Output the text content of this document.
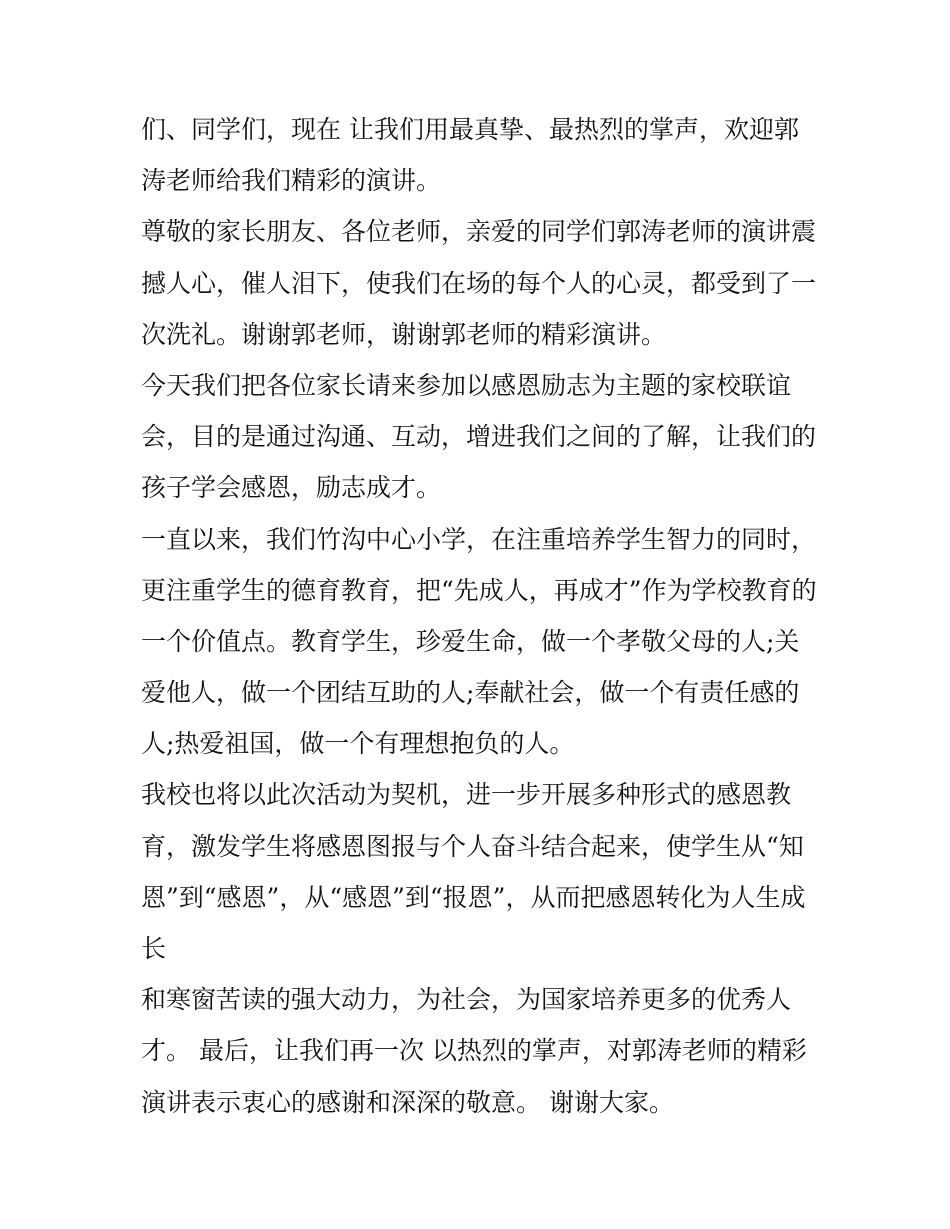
们、同学们，现在 让我们用最真挚、最热烈的掌声，欢迎郭
涛老师给我们精彩的演讲。
尊敬的家长朋友、各位老师，亲爱的同学们郭涛老师的演讲震
撼人心，催人泪下，使我们在场的每个人的心灵，都受到了一
次洗礼。谢谢郭老师，谢谢郭老师的精彩演讲。
今天我们把各位家长请来参加以感恩励志为主题的家校联谊
会，目的是通过沟通、互动，增进我们之间的了解，让我们的
孩子学会感恩，励志成才。
一直以来，我们竹沟中心小学，在注重培养学生智力的同时，
更注重学生的德育教育，把“先成人，再成才”作为学校教育的
一个价值点。教育学生，珍爱生命，做一个孝敬父母的人;关
爱他人，做一个团结互助的人;奉献社会，做一个有责任感的
人;热爱祖国，做一个有理想抱负的人。
我校也将以此次活动为契机，进一步开展多种形式的感恩教
育，激发学生将感恩图报与个人奋斗结合起来，使学生从“知
恩”到“感恩”，从“感恩”到“报恩”，从而把感恩转化为人生成
长
和寒窗苦读的强大动力，为社会，为国家培养更多的优秀人
才。 最后，让我们再一次 以热烈的掌声，对郭涛老师的精彩
演讲表示衷心的感谢和深深的敬意。 谢谢大家。
